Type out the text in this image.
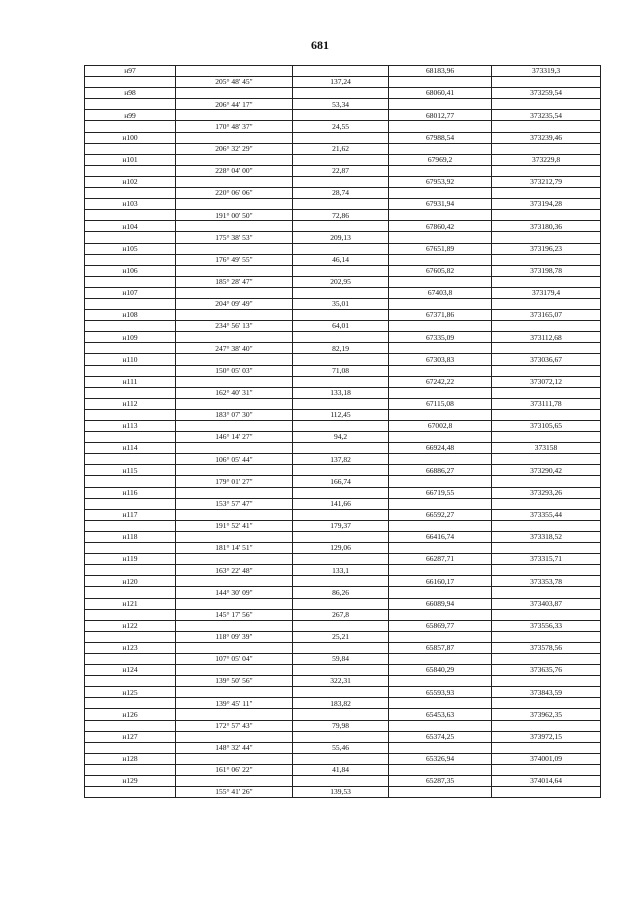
681
н97			68183,96	373319,3
	205° 48' 45"	137,24		
н98			68060,41	373259,54
	206° 44' 17"	53,34		
н99			68012,77	373235,54
	170° 48' 37"	24,55		
н100			67988,54	373239,46
	206° 32' 29"	21,62		
н101			67969,2	373229,8
	228° 04' 00"	22,87		
н102			67953,92	373212,79
	220° 06' 06"	28,74		
н103			67931,94	373194,28
	191° 00' 50"	72,86		
н104			67860,42	373180,36
	175° 38' 53"	209,13		
н105			67651,89	373196,23
	176° 49' 55"	46,14		
н106			67605,82	373198,78
	185° 28' 47"	202,95		
н107			67403,8	373179,4
	204° 09' 49"	35,01		
н108			67371,86	373165,07
	234° 56' 13"	64,01		
н109			67335,09	373112,68
	247° 38' 40"	82,19		
н110			67303,83	373036,67
	150° 05' 03"	71,08		
н111			67242,22	373072,12
	162° 40' 31"	133,18		
н112			67115,08	373111,78
	183° 07' 30"	112,45		
н113			67002,8	373105,65
	146° 14' 27"	94,2		
н114			66924,48	373158
	106° 05' 44"	137,82		
н115			66886,27	373290,42
	179° 01' 27"	166,74		
н116			66719,55	373293,26
	153° 57' 47"	141,66		
н117			66592,27	373355,44
	191° 52' 41"	179,37		
н118			66416,74	373318,52
	181° 14' 51"	129,06		
н119			66287,71	373315,71
	163° 22' 48"	133,1		
н120			66160,17	373353,78
	144° 30' 09"	86,26		
н121			66089,94	373403,87
	145° 17' 56"	267,8		
н122			65869,77	373556,33
	118° 09' 39"	25,21		
н123			65857,87	373578,56
	107° 05' 04"	59,84		
н124			65840,29	373635,76
	139° 50' 56"	322,31		
н125			65593,93	373843,59
	139° 45' 11"	183,82		
н126			65453,63	373962,35
	172° 57' 43"	79,98		
н127			65374,25	373972,15
	148° 32' 44"	55,46		
н128			65326,94	374001,09
	161° 06' 22"	41,84		
н129			65287,35	374014,64
	155° 41' 26"	139,53		
